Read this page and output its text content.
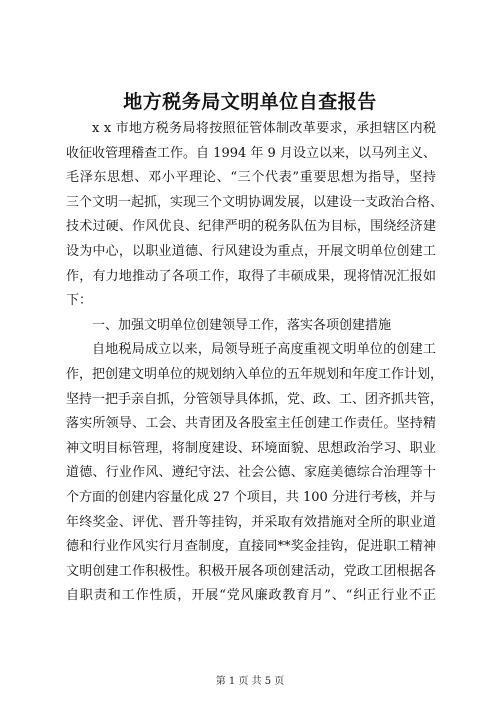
地方税务局文明单位自查报告
x x 市地方税务局将按照征管体制改革要求，承担辖区内税
收征收管理稽查工作。自 1994 年 9 月设立以来，以马列主义、
毛泽东思想、邓小平理论、“三个代表”重要思想为指导，坚持
三个文明一起抓，实现三个文明协调发展，以建设一支政治合格、
技术过硬、作风优良、纪律严明的税务队伍为目标，围绕经济建
设为中心，以职业道德、行风建设为重点，开展文明单位创建工
作，有力地推动了各项工作，取得了丰硕成果，现将情况汇报如
下：
一、加强文明单位创建领导工作，落实各项创建措施
自地税局成立以来，局领导班子高度重视文明单位的创建工
作，把创建文明单位的规划纳入单位的五年规划和年度工作计划，
坚持一把手亲自抓，分管领导具体抓，党、政、工、团齐抓共管，
落实所领导、工会、共青团及各股室主任创建工作责任。坚持精
神文明目标管理，将制度建设、环境面貌、思想政治学习、职业
道德、行业作风、遵纪守法、社会公德、家庭美德综合治理等十
个方面的创建内容量化成 27 个项目，共 100 分进行考核，并与
年终奖金、评优、晋升等挂钩，并采取有效措施对全所的职业道
德和行业作风实行月查制度，直接同**奖金挂钩，促进职工精神
文明创建工作积极性。积极开展各项创建活动，党政工团根据各
自职责和工作性质，开展“党风廉政教育月”、“纠正行业不正
第 1 页 共 5 页
